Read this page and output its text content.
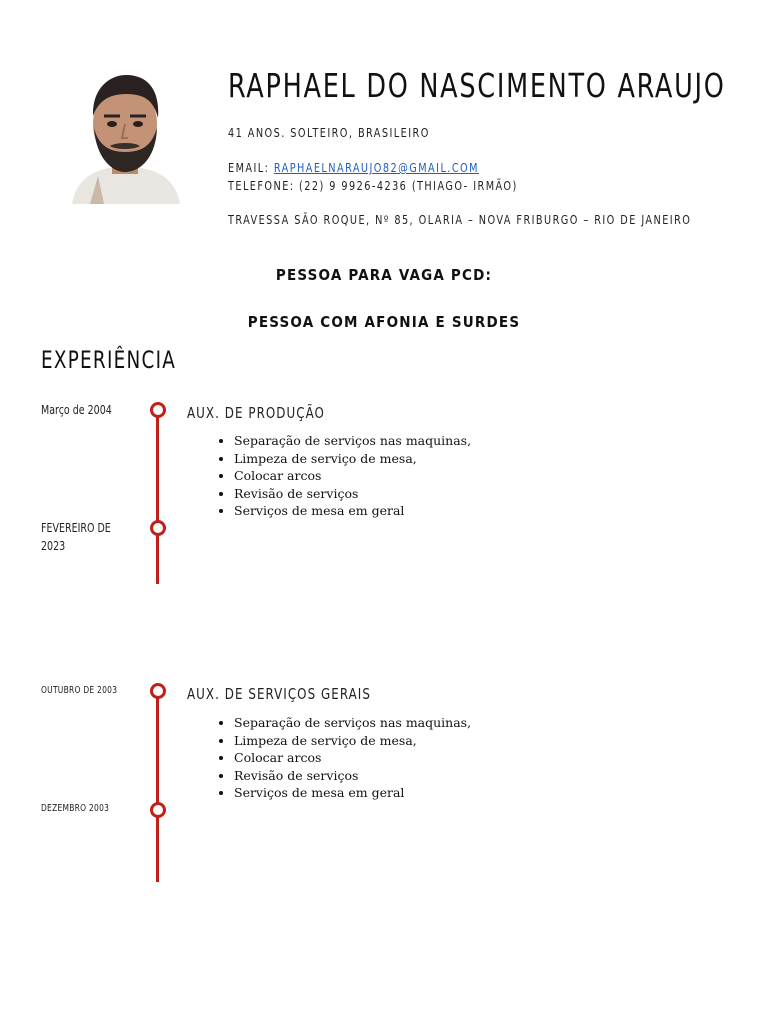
RAPHAEL DO NASCIMENTO ARAUJO
41 ANOS. SOLTEIRO, BRASILEIRO
EMAIL: RAPHAELNARAUJO82@GMAIL.COM
TELEFONE: (22) 9 9926-4236 (THIAGO- IRMÃO)
TRAVESSA SÃO ROQUE, Nº 85, OLARIA – NOVA FRIBURGO – RIO DE JANEIRO
PESSOA PARA VAGA PCD:
PESSOA COM AFONIA E SURDES
EXPERIÊNCIA
Março de 2004
FEVEREIRO DE 2023
AUX. DE PRODUÇÃO
• Separação de serviços nas maquinas,
• Limpeza de serviço de mesa,
• Colocar arcos
• Revisão de serviços
• Serviços de mesa em geral
OUTUBRO DE 2003
DEZEMBRO 2003
AUX. DE SERVIÇOS GERAIS
• Separação de serviços nas maquinas,
• Limpeza de serviço de mesa,
• Colocar arcos
• Revisão de serviços
• Serviços de mesa em geral
